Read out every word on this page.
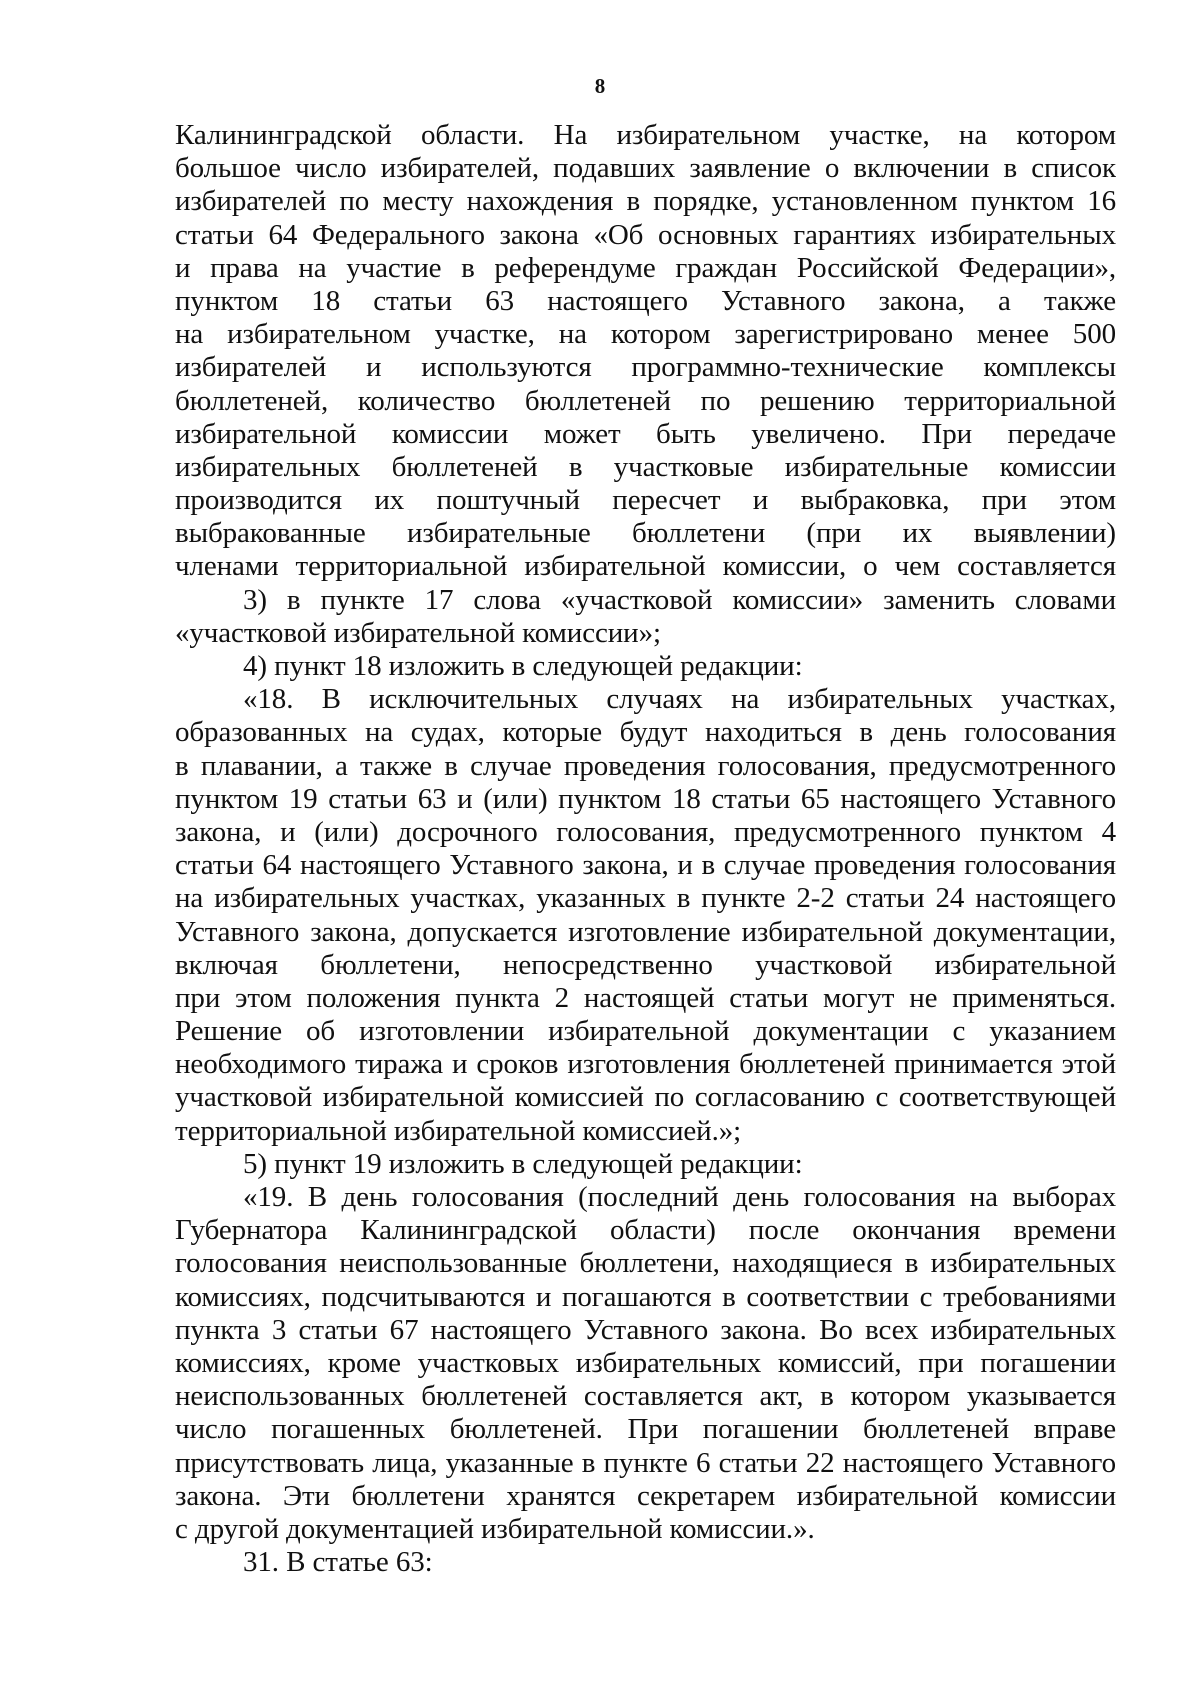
8
Калининградской области. На избирательном участке, на котором
большое число избирателей, подавших заявление о включении в список
избирателей по месту нахождения в порядке, установленном пунктом 16
статьи 64 Федерального закона «Об основных гарантиях избирательных
и права на участие в референдуме граждан Российской Федерации»,
пунктом 18 статьи 63 настоящего Уставного закона, а также
на избирательном участке, на котором зарегистрировано менее 500
избирателей и используются программно-технические комплексы
бюллетеней, количество бюллетеней по решению территориальной
избирательной комиссии может быть увеличено. При передаче
избирательных бюллетеней в участковые избирательные комиссии
производится их поштучный пересчет и выбраковка, при этом
выбракованные избирательные бюллетени (при их выявлении)
членами территориальной избирательной комиссии, о чем составляется
3) в пункте 17 слова «участковой комиссии» заменить словами
«участковой избирательной комиссии»;
4) пункт 18 изложить в следующей редакции:
«18. В исключительных случаях на избирательных участках,
образованных на судах, которые будут находиться в день голосования
в плавании, а также в случае проведения голосования, предусмотренного
пунктом 19 статьи 63 и (или) пунктом 18 статьи 65 настоящего Уставного
закона, и (или) досрочного голосования, предусмотренного пунктом 4
статьи 64 настоящего Уставного закона, и в случае проведения голосования
на избирательных участках, указанных в пункте 2-2 статьи 24 настоящего
Уставного закона, допускается изготовление избирательной документации,
включая бюллетени, непосредственно участковой избирательной
при этом положения пункта 2 настоящей статьи могут не применяться.
Решение об изготовлении избирательной документации с указанием
необходимого тиража и сроков изготовления бюллетеней принимается этой
участковой избирательной комиссией по согласованию с соответствующей
территориальной избирательной комиссией.»;
5) пункт 19 изложить в следующей редакции:
«19. В день голосования (последний день голосования на выборах
Губернатора Калининградской области) после окончания времени
голосования неиспользованные бюллетени, находящиеся в избирательных
комиссиях, подсчитываются и погашаются в соответствии с требованиями
пункта 3 статьи 67 настоящего Уставного закона. Во всех избирательных
комиссиях, кроме участковых избирательных комиссий, при погашении
неиспользованных бюллетеней составляется акт, в котором указывается
число погашенных бюллетеней. При погашении бюллетеней вправе
присутствовать лица, указанные в пункте 6 статьи 22 настоящего Уставного
закона. Эти бюллетени хранятся секретарем избирательной комиссии
с другой документацией избирательной комиссии.».
31. В статье 63:
